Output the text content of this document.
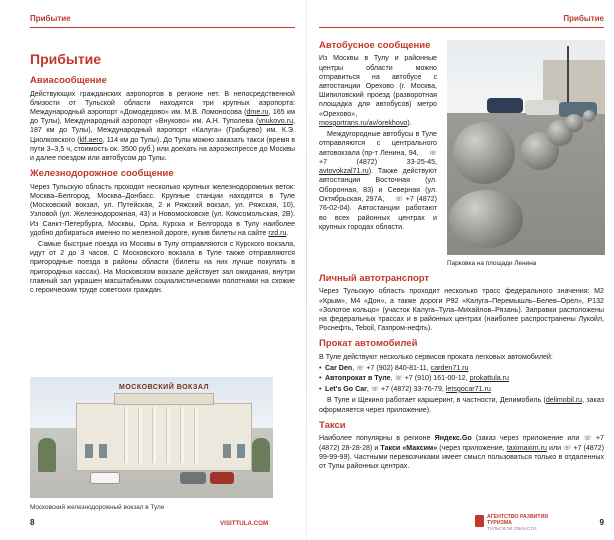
Прибытие
Прибытие
Авиасообщение

Действующих гражданских аэропортов в регионе нет. В непосредственной близости от Тульской области находятся три крупных аэропорта: Международный аэропорт «Домодедово» им. М.В. Ломоносова (dme.ru, 165 км до Тулы), Международный аэропорт «Внуково» им. А.Н. Туполева (vnukovo.ru, 187 км до Тулы), Международный аэропорт «Калуга» (Грабцево) им. К.Э. Циолковского (klf.aero, 114 км до Тулы). До Тулы можно заказать такси (время в пути 3–3,5 ч, стоимость ок. 3500 руб.) или доехать на аэроэкспрессе до Москвы и далее поездом или автобусом до Тулы.

Железнодорожное сообщение

Через Тульскую область проходят несколько крупных железнодорожных веток: Москва–Белгород, Москва–Донбасс. Крупные станции находятся в Туле (Московский вокзал, ул. Путейская, 2 и Ряжский вокзал, ул. Ряжская, 10), Узловой (ул. Железнодорожная, 43) и Новомосковске (ул. Комсомольская, 2В). Из Санкт-Петербурга, Москвы, Орла, Курска и Белгорода в Тулу наиболее удобно добираться именно по железной дороге, купив билеты на сайте rzd.ru.

Самые быстрые поезда из Москвы в Тулу отправляются с Курского вокзала, идут от 2 до 3 часов. С Московского вокзала в Туле также отправляются пригородные поезда в районы области (билеты на них лучше покупать в пригородных кассах). На Московском вокзале действует зал ожидания, внутри главный зал украшен масштабными социалистическими полотнами на схожие с героическим труде советских граждан.

МОСКОВСКИЙ ВОКЗАЛ
Московский железнодорожный вокзал в Туле
8	VISITTULA.COM
Прибытие
Автобусное сообщение

Из Москвы в Тулу и районные центры области можно отправиться на автобусе с автостанции Орехово (г. Москва, Шипиловский проезд (разворотная площадка для автобусов) метро «Орехово», mosgortrans.ru/av/orekhovo).

Междугородные автобусы в Туле отправляются с центрального автовокзала (пр-т Ленина, 94, ☏ +7 (4872) 33-25-45, avtovokzal71.ru). Также действуют автостанции Восточная (ул. Оборонная, 83) и Северная (ул. Октябрьская, 297А, ☏ +7 (4872) 76-02-04). Автостанции работают во всех районных центрах и крупных городах области.

Парковка на площади Ленина
Личный автотранспорт

Через Тульскую область проходит несколько трасс федерального значения: М2 «Крым», М4 «Дон», а также дороги Р92 «Калуга–Перемышль–Белев–Орел», Р132 «Золотое кольцо» (участок Калуга–Тула–Михайлов–Рязань). Заправки расположены на федеральных трассах и в районных центрах (наиболее распространены Лукойл, Роснефть, Teboil, Газпром-нефть).

Прокат автомобилей

В Туле действуют несколько сервисов проката легковых автомобилей:

• Car Den, ☏ +7 (902) 840-81-11, carden71.ru
• Автопрокат в Туле, ☏ +7 (910) 161-00-12, prokattula.ru
• Let's Go Car, ☏ +7 (4872) 33-76-79, letsgocar71.ru

В Туле и Щекино работает каршеринг, в частности, Делимобиль (delimobil.ru, заказ оформляется через приложение).

Такси

Наиболее популярны в регионе Яндекс.Go (заказ через приложение или ☏ +7 (4872) 28-28-28) и Такси «Максим» (через приложение, taximaxim.ru или ☏ +7 (4872) 99-99-99). Частными перевозчиками имеет смысл пользоваться только в отдаленных от Тулы районных центрах.

АГЕНТСТВО РАЗВИТИЯ ТУРИЗМА
ТУЛЬСКОЙ ОБЛАСТИ
9
